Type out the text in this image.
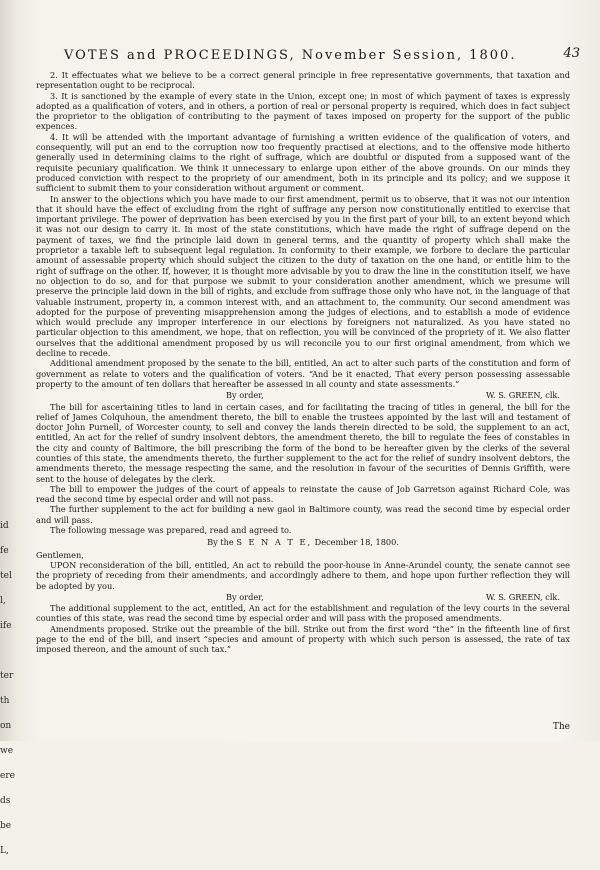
id
fe
tel
l,
ife
ter
th
on
we
ere
ds
be
L,
VOTES and PROCEEDINGS, November Session, 1800.	43

2. It effectuates what we believe to be a correct general principle in free representative governments, that taxation and representation ought to be reciprocal.

3. It is sanctioned by the example of every state in the Union, except one; in most of which payment of taxes is expressly adopted as a qualification of voters, and in others, a portion of real or personal property is required, which does in fact subject the proprietor to the obligation of contributing to the payment of taxes imposed on property for the support of the public expences.

4. It will be attended with the important advantage of furnishing a written evidence of the qualification of voters, and consequently, will put an end to the corruption now too frequently practised at elections, and to the offensive mode hitherto generally used in determining claims to the right of suffrage, which are doubtful or disputed from a supposed want of the requisite pecuniary qualification. We think it unnecessary to enlarge upon either of the above grounds. On our minds they produced conviction with respect to the propriety of our amendment, both in its principle and its policy; and we suppose it sufficient to submit them to your consideration without argument or comment.

In answer to the objections which you have made to our first amendment, permit us to observe, that it was not our intention that it should have the effect of excluding from the right of suffrage any person now constitutionally entitled to exercise that important privilege. The power of deprivation has been exercised by you in the first part of your bill, to an extent beyond which it was not our design to carry it. In most of the state constitutions, which have made the right of suffrage depend on the payment of taxes, we find the principle laid down in general terms, and the quantity of property which shall make the proprietor a taxable left to subsequent legal regulation. In conformity to their example, we forbore to declare the particular amount of assessable property which should subject the citizen to the duty of taxation on the one hand, or entitle him to the right of suffrage on the other. If, however, it is thought more advisable by you to draw the line in the constitution itself, we have no objection to do so, and for that purpose we submit to your consideration another amendment, which we presume will preserve the principle laid down in the bill of rights, and exclude from suffrage those only who have not, in the language of that valuable instrument, property in, a common interest with, and an attachment to, the community. Our second amendment was adopted for the purpose of preventing misapprehension among the judges of elections, and to establish a mode of evidence which would preclude any improper interference in our elections by foreigners not naturalized. As you have stated no particular objection to this amendment, we hope, that on reflection, you will be convinced of the propriety of it. We also flatter ourselves that the additional amendment proposed by us will reconcile you to our first original amendment, from which we decline to recede.

Additional amendment proposed by the senate to the bill, entitled, An act to alter such parts of the constitution and form of government as relate to voters and the qualification of voters. “And be it enacted, That every person possessing assessable property to the amount of ten dollars that hereafter be assessed in all county and state assessments.”

By order,	W. S. GREEN, clk.

The bill for ascertaining titles to land in certain cases, and for facilitating the tracing of titles in general, the bill for the relief of James Colquhoun, the amendment thereto, the bill to enable the trustees appointed by the last will and testament of doctor John Purnell, of Worcester county, to sell and convey the lands therein directed to be sold, the supplement to an act, entitled, An act for the relief of sundry insolvent debtors, the amendment thereto, the bill to regulate the fees of constables in the city and county of Baltimore, the bill prescribing the form of the bond to be hereafter given by the clerks of the several counties of this state, the amendments thereto, the further supplement to the act for the relief of sundry insolvent debtors, the amendments thereto, the message respecting the same, and the resolution in favour of the securities of Dennis Griffith, were sent to the house of delegates by the clerk.

The bill to empower the judges of the court of appeals to reinstate the cause of Job Garretson against Richard Cole, was read the second time by especial order and will not pass.

The further supplement to the act for building a new gaol in Baltimore county, was read the second time by especial order and will pass.

The following message was prepared, read and agreed to.

By the S E N A T E, December 18, 1800.

Gentlemen,

UPON reconsideration of the bill, entitled, An act to rebuild the poor-house in Anne-Arundel county, the senate cannot see the propriety of receding from their amendments, and accordingly adhere to them, and hope upon further reflection they will be adopted by you.

By order,	W. S. GREEN, clk.

The additional supplement to the act, entitled, An act for the establishment and regulation of the levy courts in the several counties of this state, was read the second time by especial order and will pass with the proposed amendments.

Amendments proposed. Strike out the preamble of the bill. Strike out from the first word “the” in the fifteenth line of first page to the end of the bill, and insert “species and amount of property with which such person is assessed, the rate of tax imposed thereon, and the amount of such tax.”

The
